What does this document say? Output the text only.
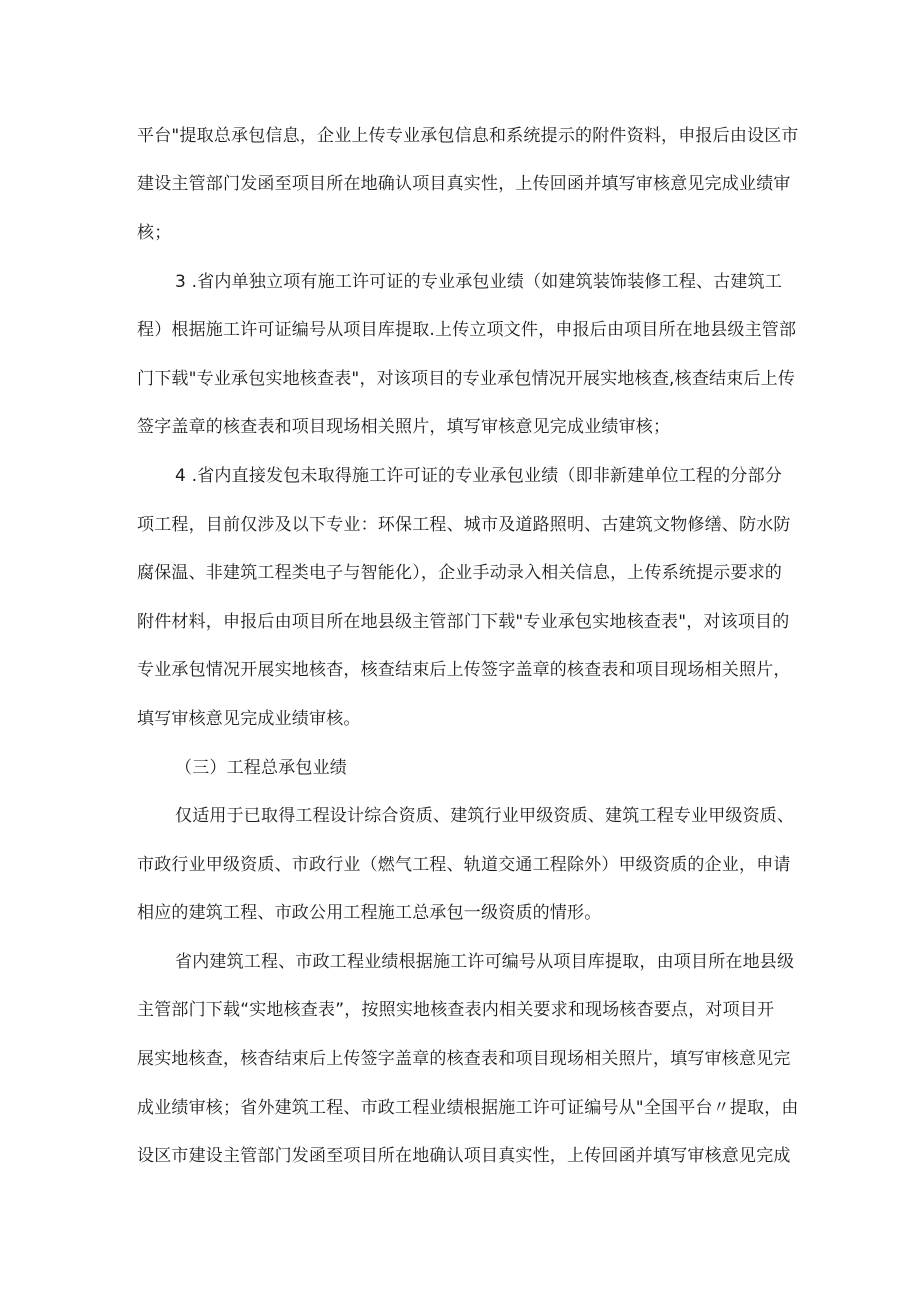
平台"提取总承包信息，企业上传专业承包信息和系统提示的附件资料，申报后由设区市
建设主管部门发函至项目所在地确认项目真实性，上传回函并填写审核意见完成业绩审
核；
3 .省内单独立项有施工许可证的专业承包业绩（如建筑装饰装修工程、古建筑工
程）根据施工许可证编号从项目库提取.上传立项文件，申报后由项目所在地县级主管部
门下载"专业承包实地核查表"，对该项目的专业承包情况开展实地核查,核查结束后上传
签字盖章的核查表和项目现场相关照片，填写审核意见完成业绩审核；
4 .省内直接发包未取得施工许可证的专业承包业绩（即非新建单位工程的分部分
项工程，目前仅涉及以下专业：环保工程、城市及道路照明、古建筑文物修缮、防水防
腐保温、非建筑工程类电子与智能化），企业手动录入相关信息，上传系统提示要求的
附件材料，申报后由项目所在地县级主管部门下载"专业承包实地核查表"，对该项目的
专业承包情况开展实地核杳，核查结束后上传签字盖章的核查表和项目现场相关照片，
填写审核意见完成业绩审核。
（三）工程总承包业绩
仅适用于已取得工程设计综合资质、建筑行业甲级资质、建筑工程专业甲级资质、
市政行业甲级资质、市政行业（燃气工程、轨道交通工程除外）甲级资质的企业，申请
相应的建筑工程、市政公用工程施工总承包一级资质的情形。
省内建筑工程、市政工程业绩根据施工许可编号从项目库提取，由项目所在地县级
主管部门下载“实地核查表”，按照实地核查表内相关要求和现场核杳要点，对项目开
展实地核查，核杳结束后上传签字盖章的核查表和项目现场相关照片，填写审核意见完
成业绩审核；省外建筑工程、市政工程业绩根据施工许可证编号从"全国平台〃提取，由
设区市建设主管部门发函至项目所在地确认项目真实性，上传回函并填写审核意见完成
